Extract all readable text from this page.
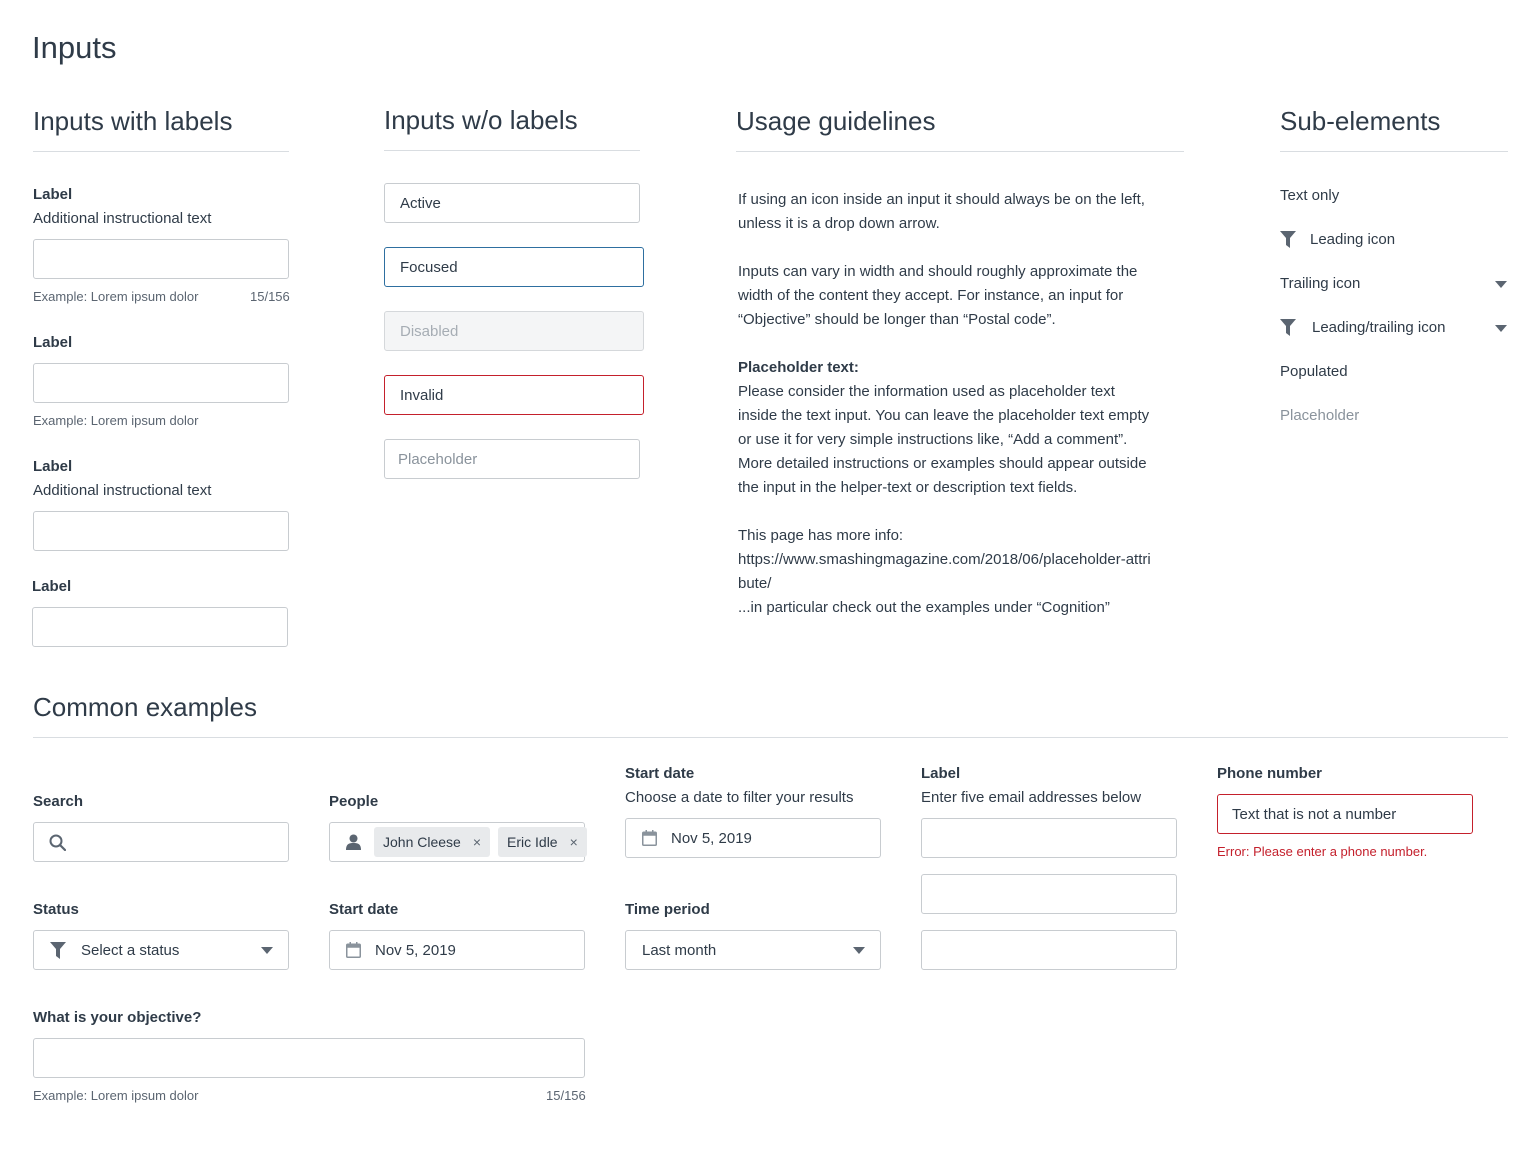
Inputs
Inputs with labels
Label
Additional instructional text
Example: Lorem ipsum dolor	15/156
Label
Example: Lorem ipsum dolor
Label
Additional instructional text
Label
Inputs w/o labels
Active
Focused
Disabled
Invalid
Placeholder
Usage guidelines

If using an icon inside an input it should always be on the left, unless it is a drop down arrow.

Inputs can vary in width and should roughly approximate the width of the content they accept. For instance, an input for “Objective” should be longer than “Postal code”.

Placeholder text:

Please consider the information used as placeholder text inside the text input. You can leave the placeholder text empty or use it for very simple instructions like, “Add a comment”. More detailed instructions or examples should appear outside the input in the helper-text or description text fields.

This page has more info:

https://www.smashingmagazine.com/2018/06/placeholder-attribute/

...in particular check out the examples under “Cognition”

Sub-elements
Text only
Leading icon
Trailing icon
Leading/trailing icon
Populated
Placeholder
Common examples
Search	People
John Cleese × Eric Idle ×
Start date
Choose a date to filter your results
Nov 5, 2019
Label
Enter five email addresses below
Phone number
Text that is not a number
Error: Please enter a phone number.
Status
Select a status
Start date
Nov 5, 2019
Time period
Last month
What is your objective?
Example: Lorem ipsum dolor	15/156
